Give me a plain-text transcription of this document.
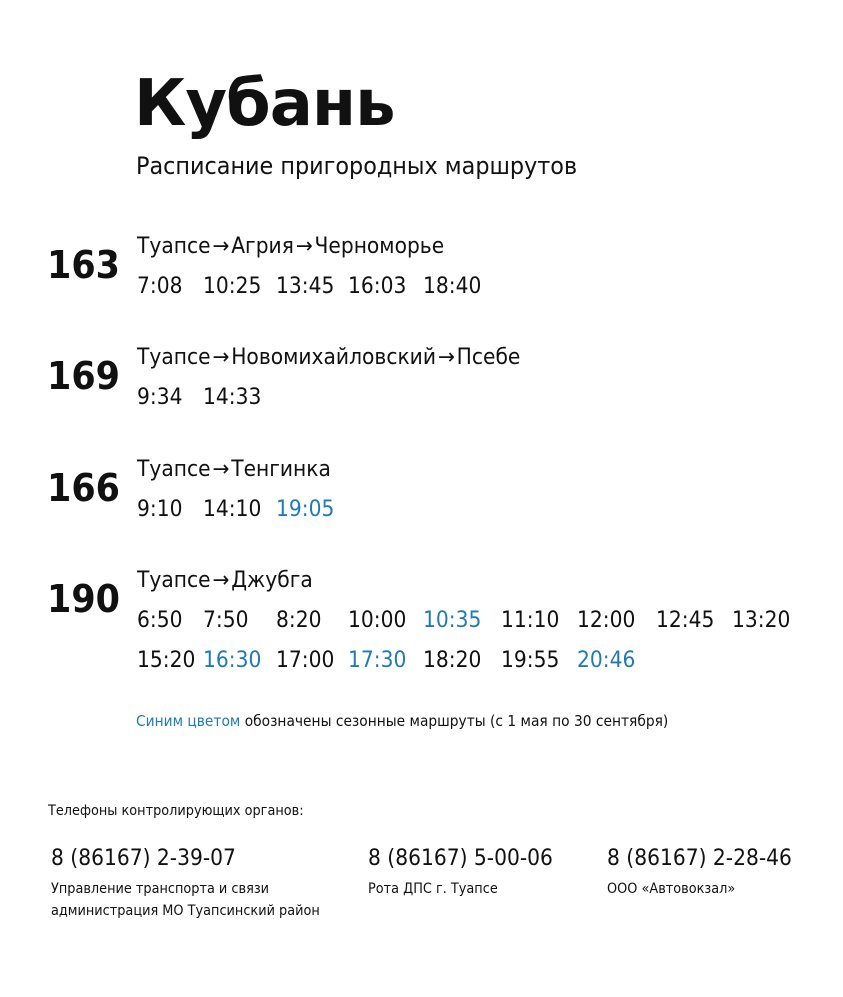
Кубань
Расписание пригородных маршрутов
163 Туапсе→Агрия→Черноморье
7:08 10:25 13:45 16:03 18:40
169 Туапсе→Новомихайловский→Псебе
9:34 14:33
166 Туапсе→Тенгинка
9:10 14:10 19:05
190 Туапсе→Джубга
6:50 7:50 8:20 10:00 10:35 11:10 12:00 12:45 13:20
15:20 16:30 17:00 17:30 18:20 19:55 20:46
Синим цветом обозначены сезонные маршруты (с 1 мая по 30 сентября)
Телефоны контролирующих органов:
8 (86167) 2-39-07
Управление транспорта и связи
администрация МО Туапсинский район
8 (86167) 5-00-06
Рота ДПС г. Туапсе
8 (86167) 2-28-46
ООО «Автовокзал»
